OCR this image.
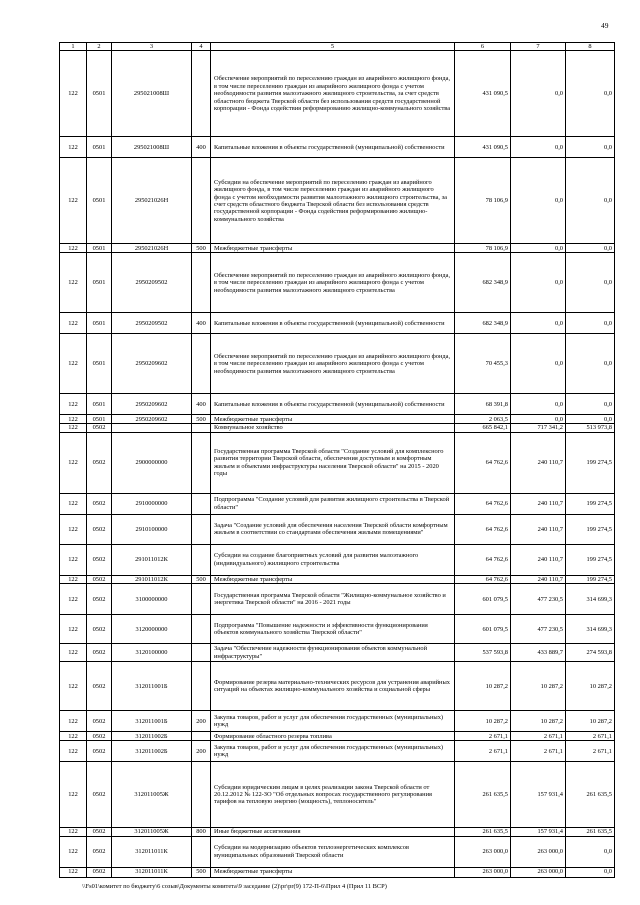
49
1	2	3	4	5	6	7	8
122	0501	295021008Ш		Обеспечение мероприятий по переселению граждан из аварийного жилищного фонда, в том числе переселению граждан из аварийного жилищного фонда с учетом необходимости развития малоэтажного жилищного строительства, за счет средств областного бюджета Тверской области без использования средств государственной корпорации - Фонда содействия реформированию жилищно-коммунального хозяйства	431 090,5	0,0	0,0
122	0501	295021008Ш	400	Капитальные вложения в объекты государственной (муниципальной) собственности	431 090,5	0,0	0,0
122	0501	295021026Н		Субсидии на обеспечение мероприятий по переселению граждан из аварийного жилищного фонда, в том числе переселению граждан из аварийного жилищного фонда с учетом необходимости развития малоэтажного жилищного строительства, за счет средств областного бюджета Тверской области без использования средств государственной корпорации - Фонда содействия реформированию жилищно-коммунального хозяйства	78 106,9	0,0	0,0
122	0501	295021026Н	500	Межбюджетные трансферты	78 106,9	0,0	0,0
122	0501	2950209502		Обеспечение мероприятий по переселению граждан из аварийного жилищного фонда, в том числе переселению граждан из аварийного жилищного фонда с учетом необходимости развития малоэтажного жилищного строительства	682 348,9	0,0	0,0
122	0501	2950209502	400	Капитальные вложения в объекты государственной (муниципальной) собственности	682 348,9	0,0	0,0
122	0501	2950209602		Обеспечение мероприятий по переселению граждан из аварийного жилищного фонда, в том числе переселению граждан из аварийного жилищного фонда с учетом необходимости развития малоэтажного жилищного строительства	70 455,3	0,0	0,0
122	0501	2950209602	400	Капитальные вложения в объекты государственной (муниципальной) собственности	68 391,8	0,0	0,0
122	0501	2950209602	500	Межбюджетные трансферты	2 063,5	0,0	0,0
122	0502			Коммунальное хозяйство	665 842,1	717 341,2	513 973,8
122	0502	2900000000		Государственная программа Тверской области "Создание условий для комплексного развития территории Тверской области, обеспечения доступным и комфортным жильем и объектами инфраструктуры населения Тверской области" на 2015 - 2020 годы	64 762,6	240 110,7	199 274,5
122	0502	2910000000		Подпрограмма "Создание условий для развития жилищного строительства в Тверской области"	64 762,6	240 110,7	199 274,5
122	0502	2910100000		Задача "Создание условий для обеспечения населения Тверской области комфортным жильем в соответствии со стандартами обеспечения жилыми помещениями"	64 762,6	240 110,7	199 274,5
122	0502	291011012К		Субсидии на создание благоприятных условий для развития малоэтажного (индивидуального) жилищного строительства	64 762,6	240 110,7	199 274,5
122	0502	291011012К	500	Межбюджетные трансферты	64 762,6	240 110,7	199 274,5
122	0502	3100000000		Государственная программа Тверской области "Жилищно-коммунальное хозяйство и энергетика Тверской области" на 2016 - 2021 годы	601 079,5	477 230,5	314 699,3
122	0502	3120000000		Подпрограмма "Повышение надежности и эффективности функционирования объектов коммунального хозяйства Тверской области"	601 079,5	477 230,5	314 699,3
122	0502	3120100000		Задача "Обеспечение надежности функционирования объектов коммунальной инфраструктуры"	537 593,8	433 889,7	274 593,8
122	0502	312011001Б		Формирование резерва материально-технических ресурсов для устранения аварийных ситуаций на объектах жилищно-коммунального хозяйства и социальной сферы	10 287,2	10 287,2	10 287,2
122	0502	312011001Б	200	Закупка товаров, работ и услуг для обеспечения государственных (муниципальных) нужд	10 287,2	10 287,2	10 287,2
122	0502	312011002Б		Формирование областного резерва топлива	2 671,1	2 671,1	2 671,1
122	0502	312011002Б	200	Закупка товаров, работ и услуг для обеспечения государственных (муниципальных) нужд	2 671,1	2 671,1	2 671,1
122	0502	312011005Ж		Субсидии юридическим лицам в целях реализации закона Тверской области от 20.12.2012 № 122-ЗО "Об отдельных вопросах государственного регулирования тарифов на тепловую энергию (мощность), теплоноситель"	261 635,5	157 931,4	261 635,5
122	0502	312011005Ж	800	Иные бюджетные ассигнования	261 635,5	157 931,4	261 635,5
122	0502	312011011К		Субсидии на модернизацию объектов теплоэнергетических комплексов муниципальных образований Тверской области	263 000,0	263 000,0	0,0
122	0502	312011011К	500	Межбюджетные трансферты	263 000,0	263 000,0	0,0
\\Fs01\комитет по бюджету\6 созыв\Документы комитета\9 заседание (2)\pr\pr(9) 172-П-6\Прил 4 (Прил 11 ВСР)
